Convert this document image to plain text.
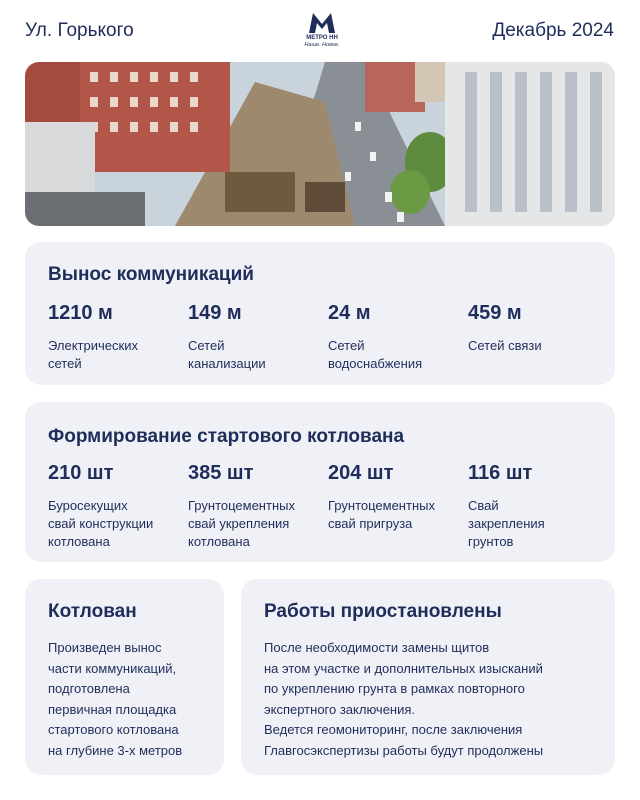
Ул. Горького	МЕТРО НН
Наше. Новое.
Декабрь 2024
Вынос коммуникаций
1210 м
Электрических
сетей
149 м
Сетей
канализации
24 м
Сетей
водоснабжения
459 м
Сетей связи
Формирование стартового котлована
210 шт
Буросекущих
свай конструкции
котлована
385 шт
Грунтоцементных
свай укрепления
котлована
204 шт
Грунтоцементных
свай пригруза
116 шт
Свай
закрепления
грунтов
Котлован
Произведен вынос
части коммуникаций,
подготовлена
первичная площадка
стартового котлована
на глубине 3-х метров
Работы приостановлены
После необходимости замены щитов
на этом участке и дополнительных изысканий
по укреплению грунта в рамках повторного
экспертного заключения.
Ведется геомониторинг, после заключения
Главгосэкспертизы работы будут продолжены
